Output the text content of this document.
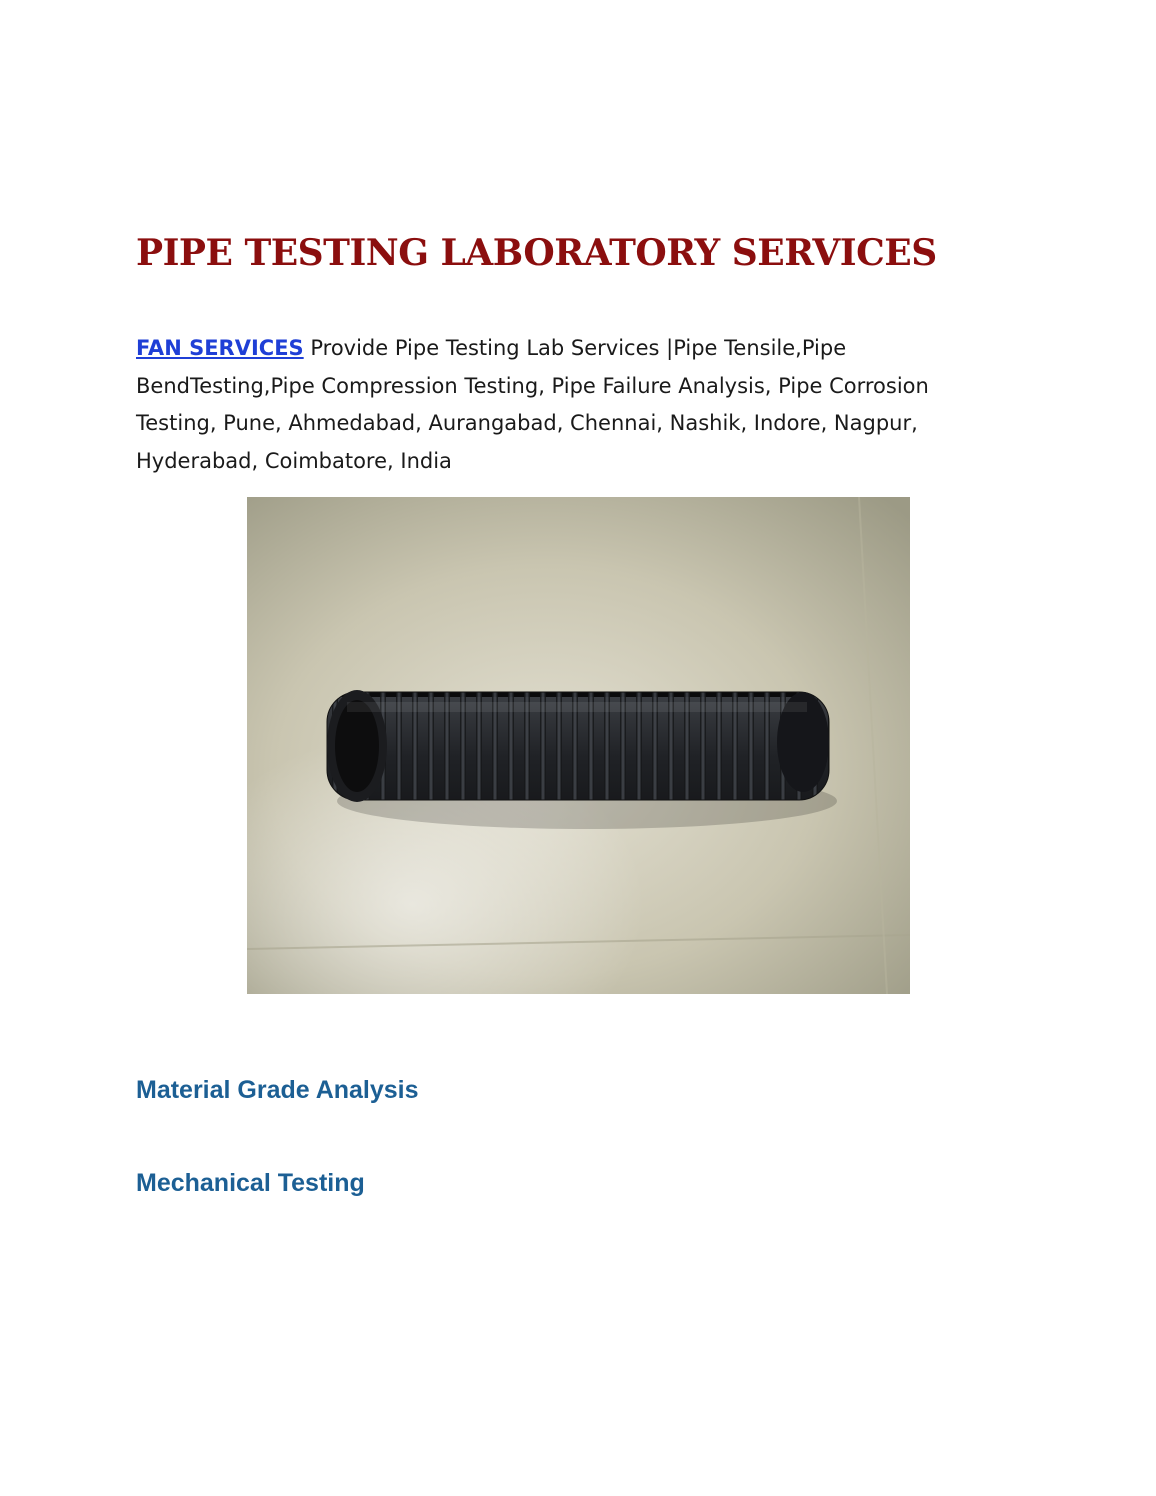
PIPE TESTING LABORATORY SERVICES

FAN SERVICES Provide Pipe Testing Lab Services |Pipe Tensile,Pipe BendTesting,Pipe Compression Testing, Pipe Failure Analysis, Pipe Corrosion Testing, Pune, Ahmedabad, Aurangabad, Chennai, Nashik, Indore, Nagpur, Hyderabad, Coimbatore, India

Material Grade Analysis
Mechanical Testing
